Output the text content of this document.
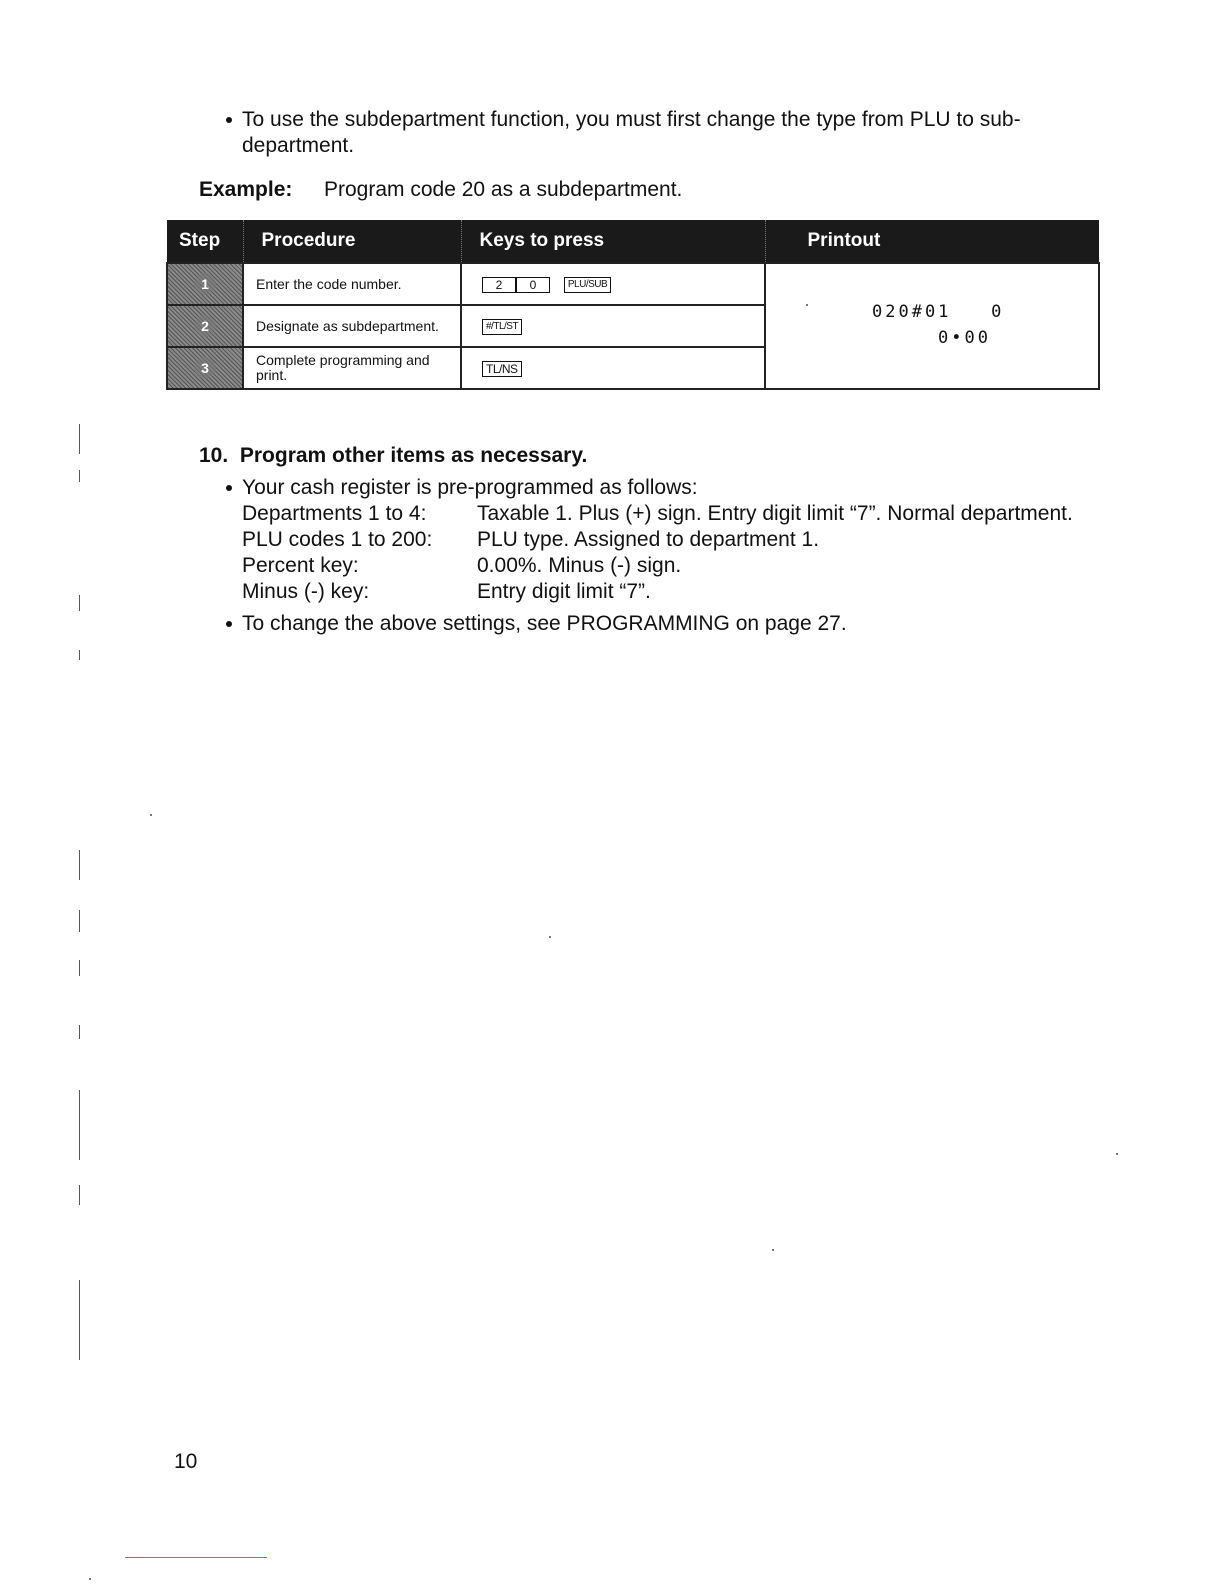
To use the subdepartment function, you must first change the type from PLU to sub-
department.
Example: Program code 20 as a subdepartment.
Step	Procedure	Keys to press	Printout
1	Enter the code number.	2 0 PLU/SUB	020#01   0
0•00

2	Designate as subdepartment.	#/TL/ST	
3	Complete programming and print.	TL/NS	
10.  Program other items as necessary.
Your cash register is pre-programmed as follows:
Departments 1 to 4: Taxable 1. Plus (+) sign. Entry digit limit “7”. Normal department.
PLU codes 1 to 200: PLU type. Assigned to department 1.
Percent key:	0.00%. Minus (-) sign.
Minus (-) key:	Entry digit limit “7”.
To change the above settings, see PROGRAMMING on page 27.
10
